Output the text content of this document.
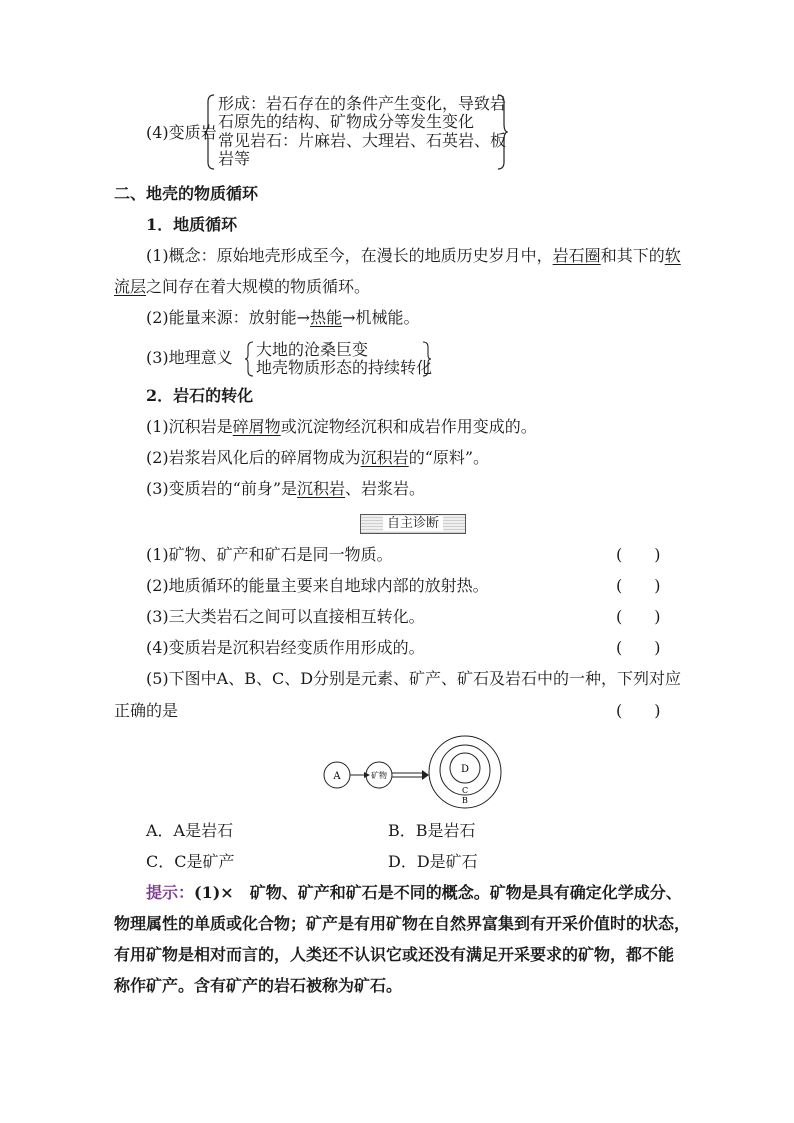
(4)变质岩
形成：岩石存在的条件产生变化，导致岩
石原先的结构、矿物成分等发生变化
常见岩石：片麻岩、大理岩、石英岩、板
岩等
二、地壳的物质循环
1．地质循环
(1)概念：原始地壳形成至今，在漫长的地质历史岁月中，岩石圈和其下的软
流层之间存在着大规模的物质循环。
(2)能量来源：放射能→热能→机械能。
(3)地理意义 大地的沧桑巨变
地壳物质形态的持续转化
2．岩石的转化
(1)沉积岩是碎屑物或沉淀物经沉积和成岩作用变成的。
(2)岩浆岩风化后的碎屑物成为沉积岩的“原料”。
(3)变质岩的“前身”是沉积岩、岩浆岩。
自主诊断
(1)矿物、矿产和矿石是同一物质。	(　　)
(2)地质循环的能量主要来自地球内部的放射热。	(　　)
(3)三大类岩石之间可以直接相互转化。	(　　)
(4)变质岩是沉积岩经变质作用形成的。	(　　)
(5)下图中A、B、C、D分别是元素、矿产、矿石及岩石中的一种，下列对应
正确的是	(　　)
A	矿物
D
C
B
A．A是岩石	B．B是岩石
C．C是矿产	D．D是矿石
提示：(1)×　矿物、矿产和矿石是不同的概念。矿物是具有确定化学成分、
物理属性的单质或化合物；矿产是有用矿物在自然界富集到有开采价值时的状态，
有用矿物是相对而言的，人类还不认识它或还没有满足开采要求的矿物，都不能
称作矿产。含有矿产的岩石被称为矿石。
